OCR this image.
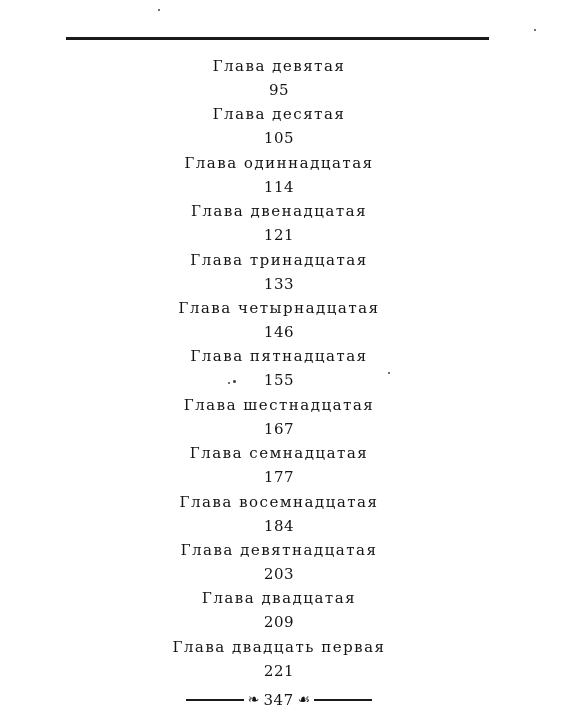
Глава девятая
95
Глава десятая
105
Глава одиннадцатая
114
Глава двенадцатая
121
Глава тринадцатая
133
Глава четырнадцатая
146
Глава пятнадцатая
155
Глава шестнадцатая
167
Глава семнадцатая
177
Глава восемнадцатая
184
Глава девятнадцатая
203
Глава двадцатая
209
Глава двадцать первая
221
❧ 347 ☙
